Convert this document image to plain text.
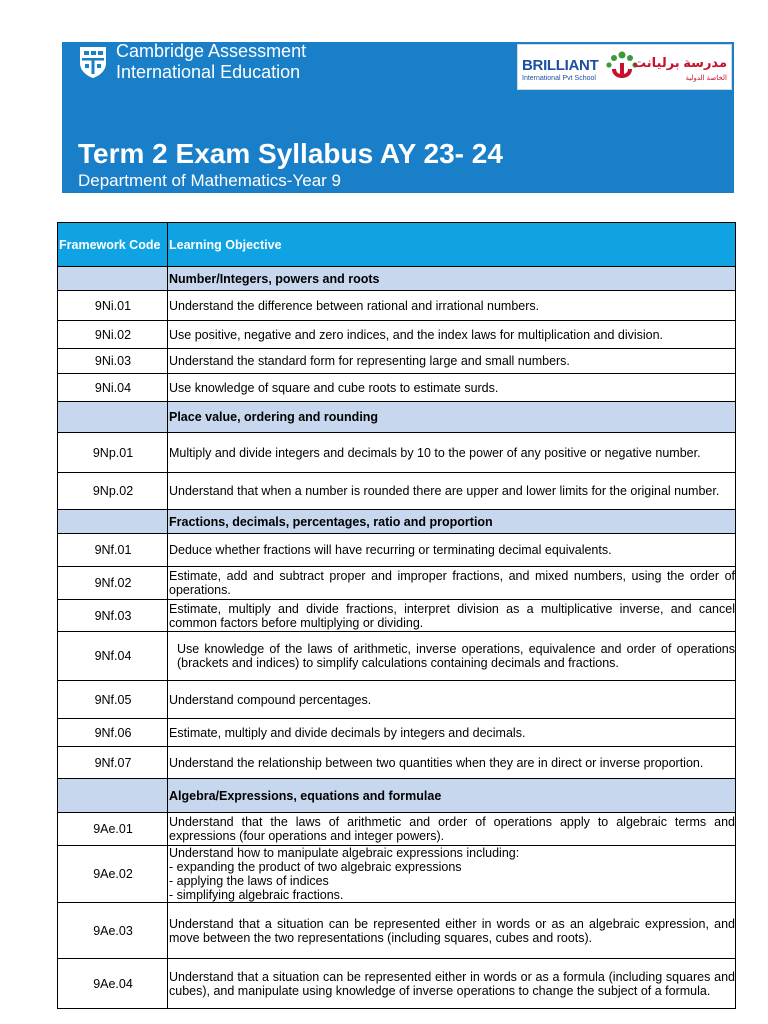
Cambridge Assessment
International Education	BRILLIANT
International Pvt School
مدرسة برليانت
الخاصة الدولية
Term 2 Exam Syllabus AY 23- 24
Department of Mathematics-Year 9
Framework Code	Learning Objective
	Number/Integers, powers and roots
9Ni.01	Understand the difference between rational and irrational numbers.
9Ni.02	Use positive, negative and zero indices, and the index laws for multiplication and division.
9Ni.03	Understand the standard form for representing large and small numbers.
9Ni.04	Use knowledge of square and cube roots to estimate surds.
	Place value, ordering and rounding
9Np.01	Multiply and divide integers and decimals by 10 to the power of any positive or negative number.
9Np.02	Understand that when a number is rounded there are upper and lower limits for the original number.
	Fractions, decimals, percentages, ratio and proportion
9Nf.01	Deduce whether fractions will have recurring or terminating decimal equivalents.
9Nf.02	Estimate, add and subtract proper and improper fractions, and mixed numbers, using the order of operations.
9Nf.03	Estimate, multiply and divide fractions, interpret division as a multiplicative inverse, and cancel common factors before multiplying or dividing.
9Nf.04	Use knowledge of the laws of arithmetic, inverse operations, equivalence and order of operations (brackets and indices) to simplify calculations containing decimals and fractions.
9Nf.05	Understand compound percentages.
9Nf.06	Estimate, multiply and divide decimals by integers and decimals.
9Nf.07	Understand the relationship between two quantities when they are in direct or inverse proportion.
	Algebra/Expressions, equations and formulae
9Ae.01	Understand that the laws of arithmetic and order of operations apply to algebraic terms and expressions (four operations and integer powers).
9Ae.02	Understand how to manipulate algebraic expressions including:
- expanding the product of two algebraic expressions
- applying the laws of indices
- simplifying algebraic fractions.
9Ae.03	Understand that a situation can be represented either in words or as an algebraic expression, and move between the two representations (including squares, cubes and roots).
9Ae.04	Understand that a situation can be represented either in words or as a formula (including squares and cubes), and manipulate using knowledge of inverse operations to change the subject of a formula.
